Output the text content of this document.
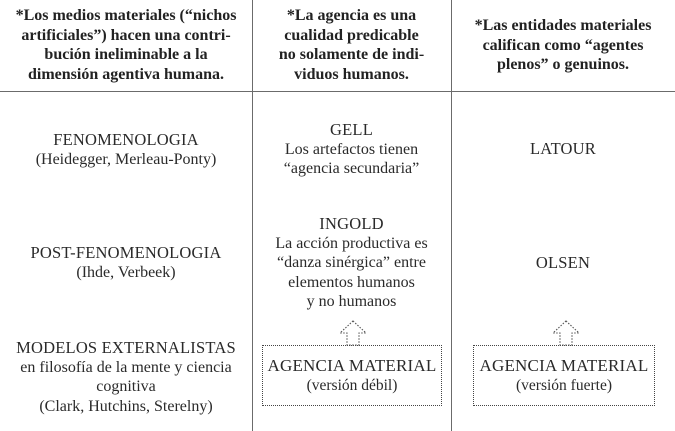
*Los medios materiales (“nichos
artificiales”) hacen una contri-
bución ineliminable a la
dimensión agentiva humana.
*La agencia es una
cualidad predicable
no solamente de indi-
viduos humanos.
*Las entidades materiales
califican como “agentes
plenos” o genuinos.
FENOMENOLOGIA
(Heidegger, Merleau-Ponty)
POST-FENOMENOLOGIA
(Ihde, Verbeek)
MODELOS EXTERNALISTAS
en filosofía de la mente y ciencia
cognitiva
(Clark, Hutchins, Sterelny)
GELL
Los artefactos tienen
“agencia secundaria”
INGOLD
La acción productiva es
“danza sinérgica” entre
elementos humanos
y no humanos
AGENCIA MATERIAL
(versión débil)
LATOUR
OLSEN
AGENCIA MATERIAL
(versión fuerte)
